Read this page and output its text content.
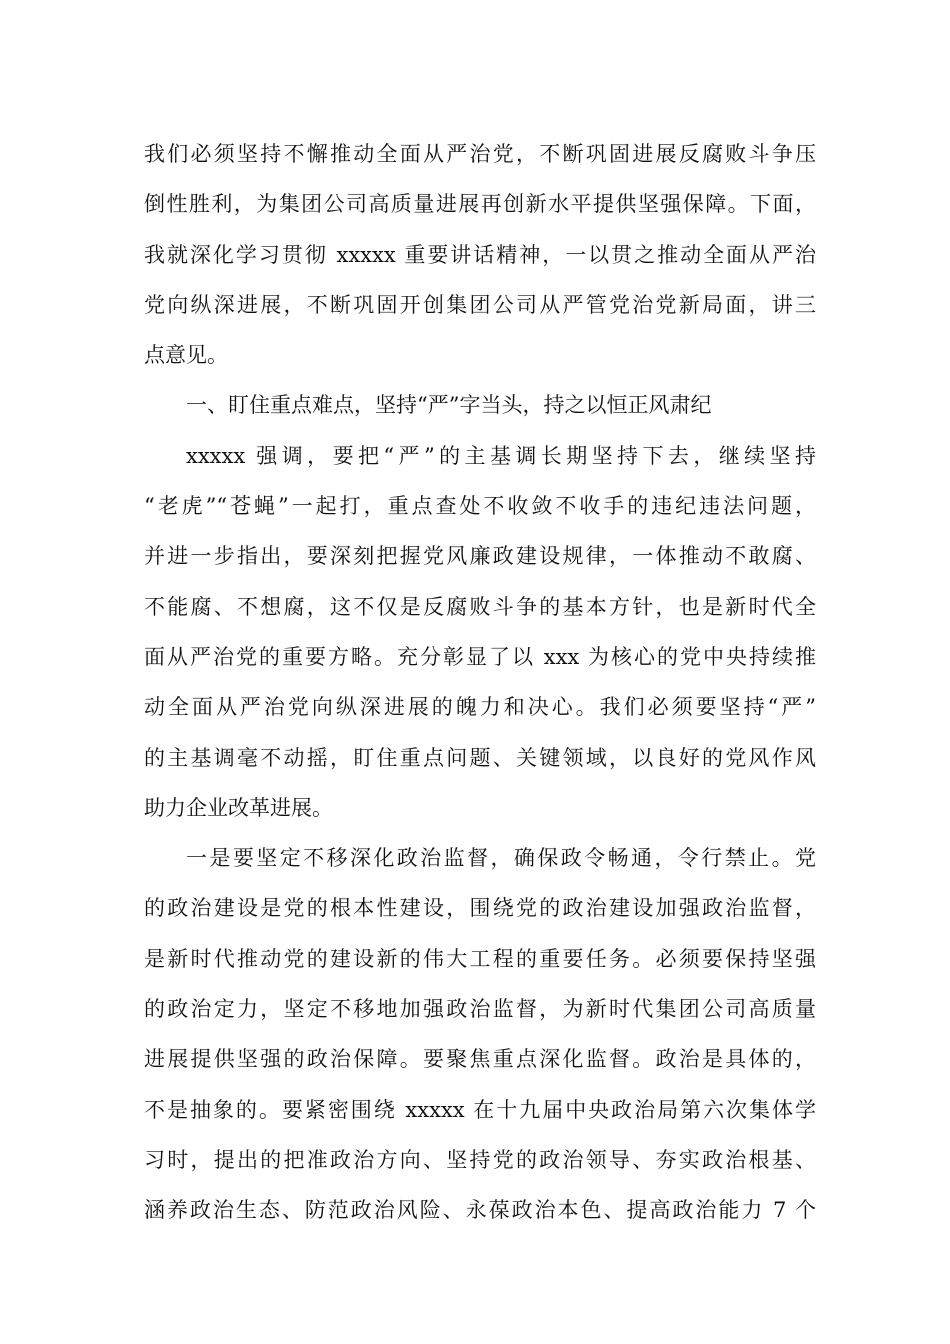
我们必须坚持不懈推动全面从严治党，不断巩固进展反腐败斗争压
倒性胜利，为集团公司高质量进展再创新水平提供坚强保障。下面，
我就深化学习贯彻 xxxxx 重要讲话精神，一以贯之推动全面从严治
党向纵深进展，不断巩固开创集团公司从严管党治党新局面，讲三
点意见。
一、盯住重点难点，坚持“严”字当头，持之以恒正风肃纪
xxxxx 强调，要把“严”的主基调长期坚持下去，继续坚持
“老虎”“苍蝇”一起打，重点查处不收敛不收手的违纪违法问题，
并进一步指出，要深刻把握党风廉政建设规律，一体推动不敢腐、
不能腐、不想腐，这不仅是反腐败斗争的基本方针，也是新时代全
面从严治党的重要方略。充分彰显了以 xxx 为核心的党中央持续推
动全面从严治党向纵深进展的魄力和决心。我们必须要坚持“严”
的主基调毫不动摇，盯住重点问题、关键领域，以良好的党风作风
助力企业改革进展。
一是要坚定不移深化政治监督，确保政令畅通，令行禁止。党
的政治建设是党的根本性建设，围绕党的政治建设加强政治监督，
是新时代推动党的建设新的伟大工程的重要任务。必须要保持坚强
的政治定力，坚定不移地加强政治监督，为新时代集团公司高质量
进展提供坚强的政治保障。要聚焦重点深化监督。政治是具体的，
不是抽象的。要紧密围绕 xxxxx 在十九届中央政治局第六次集体学
习时，提出的把准政治方向、坚持党的政治领导、夯实政治根基、
涵养政治生态、防范政治风险、永葆政治本色、提高政治能力 7 个
